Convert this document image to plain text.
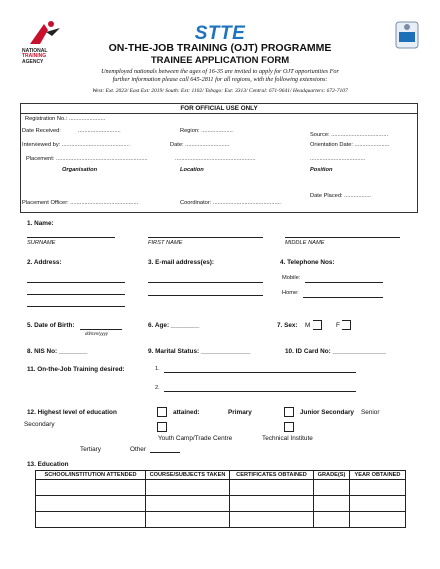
NATIONAL
TRAINING
AGENCY
STTE
ON-THE-JOB TRAINING (OJT) PROGRAMME
TRAINEE APPLICATION FORM
Unemployed nationals between the ages of 16-35 are invited to apply for OJT opportunities For
further information please call 645-2811 for all regions, with the following extensions:
West: Ext. 2023/ East Ext: 2019/ South: Ext: 1102/ Tobago: Ext: 3313/ Central: 671-9641/ Headquarters: 672-7107
FOR OFFICIAL USE ONLY
Registration No.: .......................
Date Received:	...........................	Region: ....................
Source: ....................................
Interviewed by: ...........................................	Date: ............................	Orientation Date: ......................
Placement: ..........................................................	...................................................	...................................
Organisation	Location	Position
Date Placed: .................
Placement Officer: ...........................................	Coordinator: ...........................................
1. Name:
SURNAME	FIRST NAME	MIDDLE NAME
2. Address:	3. E-mail address(es):	4. Telephone Nos:
Mobile:
Home:
5. Date of Birth:
dd/mm/yyyy
6. Age: ________	7. Sex: M	F
8. NIS No: ________	9. Marital Status: ______________	10. ID Card No: _______________
11. On-the-Job Training desired:	1.
2.
12. Highest level of education
Secondary
attained:	Primary	Junior Secondary Senior
Youth Camp/Trade Centre	Technical Institute
Tertiary	Other
13. Education
SCHOOL/INSTITUTION ATTENDED	COURSE/SUBJECTS TAKEN	CERTIFICATES OBTAINED	GRADE(S)	YEAR OBTAINED
